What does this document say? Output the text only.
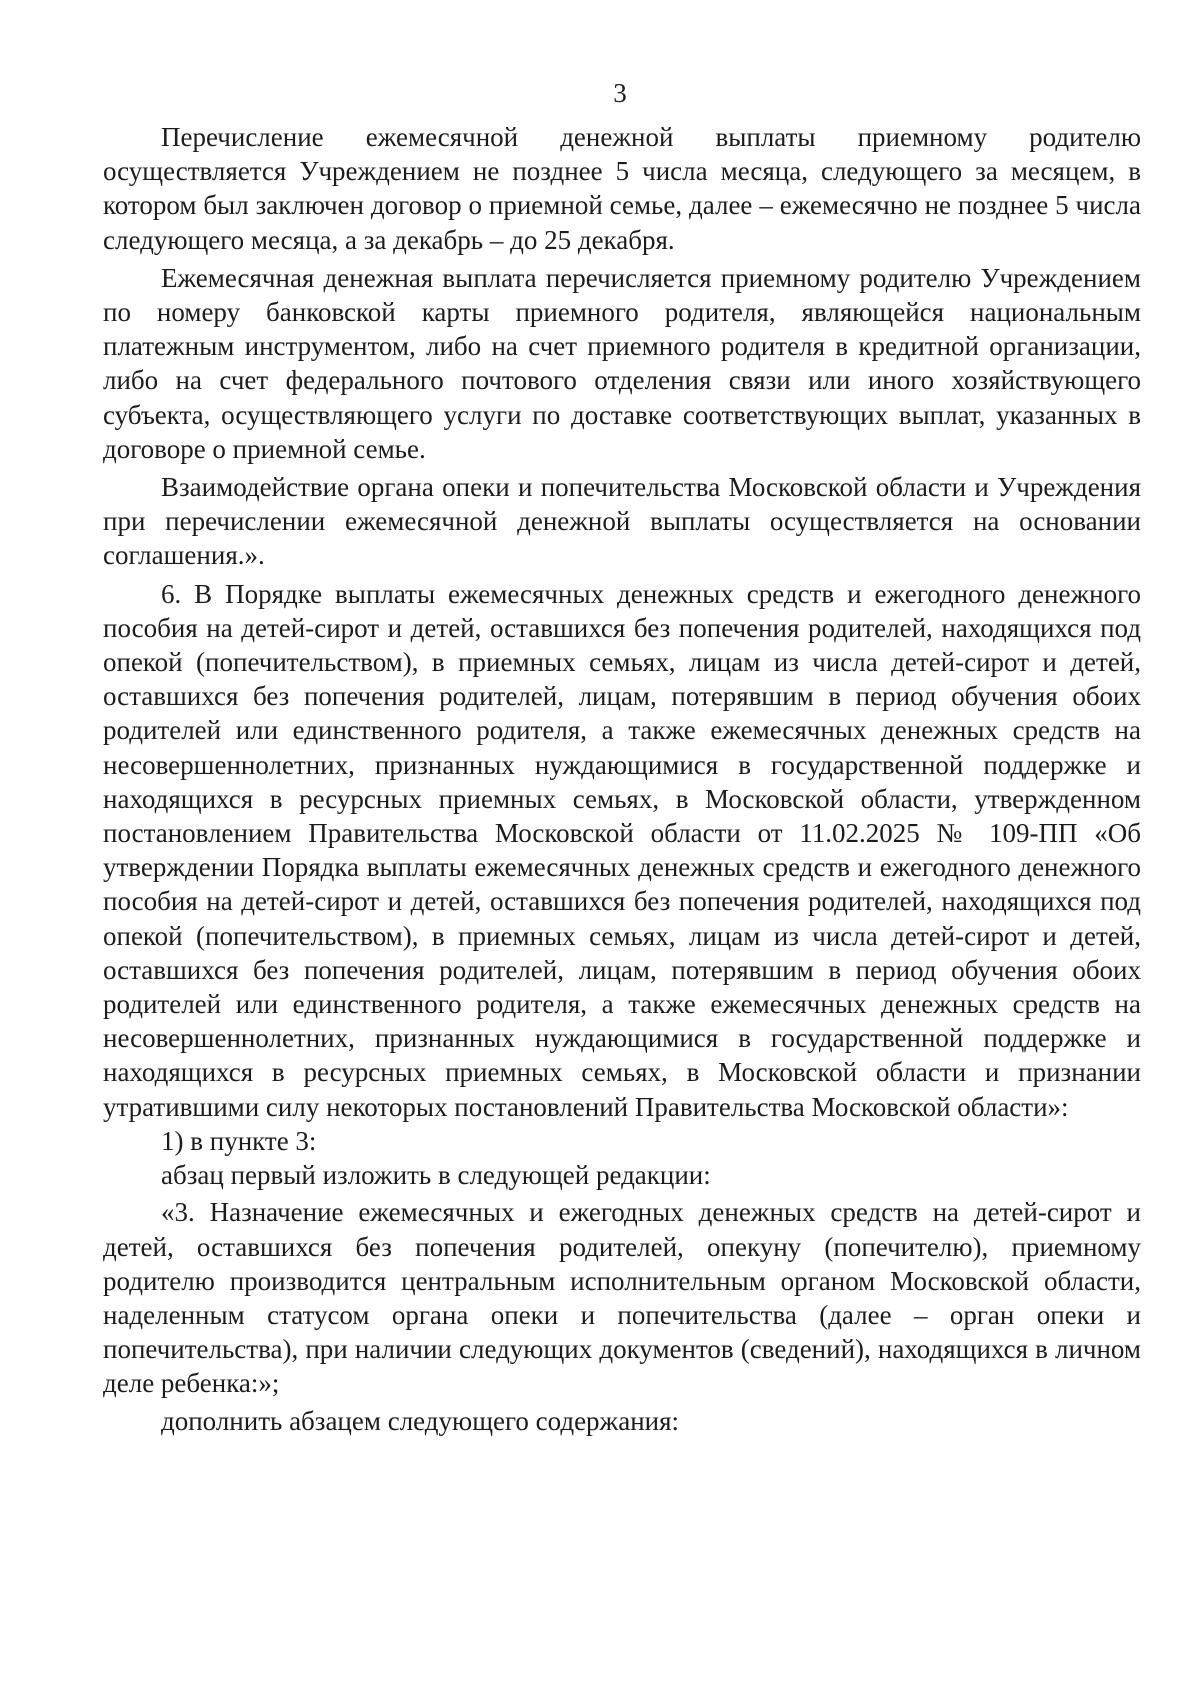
3

Перечисление ежемесячной денежной выплаты приемному родителю осуществляется Учреждением не позднее 5 числа месяца, следующего за месяцем, в котором был заключен договор о приемной семье, далее – ежемесячно не позднее 5 числа следующего месяца, а за декабрь – до 25 декабря.

Ежемесячная денежная выплата перечисляется приемному родителю Учреждением по номеру банковской карты приемного родителя, являющейся национальным платежным инструментом, либо на счет приемного родителя в кредитной организации, либо на счет федерального почтового отделения связи или иного хозяйствующего субъекта, осуществляющего услуги по доставке соответствующих выплат, указанных в договоре о приемной семье.

Взаимодействие органа опеки и попечительства Московской области и Учреждения при перечислении ежемесячной денежной выплаты осуществляется на основании соглашения.».

6. В Порядке выплаты ежемесячных денежных средств и ежегодного денежного пособия на детей-сирот и детей, оставшихся без попечения родителей, находящихся под опекой (попечительством), в приемных семьях, лицам из числа детей-сирот и детей, оставшихся без попечения родителей, лицам, потерявшим в период обучения обоих родителей или единственного родителя, а также ежемесячных денежных средств на несовершеннолетних, признанных нуждающимися в государственной поддержке и находящихся в ресурсных приемных семьях, в Московской области, утвержденном постановлением Правительства Московской области от 11.02.2025 № 109-ПП «Об утверждении Порядка выплаты ежемесячных денежных средств и ежегодного денежного пособия на детей-сирот и детей, оставшихся без попечения родителей, находящихся под опекой (попечительством), в приемных семьях, лицам из числа детей-сирот и детей, оставшихся без попечения родителей, лицам, потерявшим в период обучения обоих родителей или единственного родителя, а также ежемесячных денежных средств на несовершеннолетних, признанных нуждающимися в государственной поддержке и находящихся в ресурсных приемных семьях, в Московской области и признании утратившими силу некоторых постановлений Правительства Московской области»:

1) в пункте 3:

абзац первый изложить в следующей редакции:

«3. Назначение ежемесячных и ежегодных денежных средств на детей-сирот и детей, оставшихся без попечения родителей, опекуну (попечителю), приемному родителю производится центральным исполнительным органом Московской области, наделенным статусом органа опеки и попечительства (далее – орган опеки и попечительства), при наличии следующих документов (сведений), находящихся в личном деле ребенка:»;

дополнить абзацем следующего содержания:
